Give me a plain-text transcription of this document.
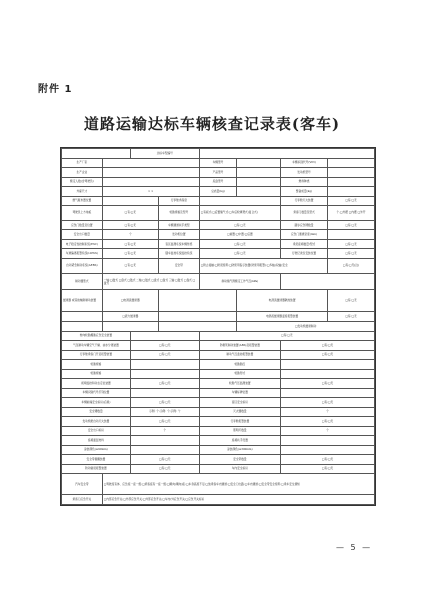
附件 1
道路运输达标车辆核查记录表(客车)
		达标车型编号					
生产厂家				车辆型号		车辆识别代号(VIN)	
生产企业				产品型号		发动机型号	
额定人数(含驾驶员)				底盘型号		燃料种类	
外廓尺寸	× ×			总质量(kg)		整备质量(kg)	
燃气瓶布置位置			行李舱净高度			行李舱灭火装置	□有;□无
驾驶员上方地板	□有;□无		轮胎规格及型号	□有板式;□后置储气式;□车后轮弹簧式(复合式)		乘客门数量及型式	个,□外摆 □内摆 □外开
应急门数量及位置	□有;□无		车辆通道扶手类型	□有;□无		踏步应急锤数量	□有;□无
安全出口数量	个		发动机位置	□前置;□中置;□后置		应急门通道宽度(mm)	
电子稳定性控制系统(ESC)	□有;□无		盲区监测系统车辆传感	□有;□无		乘员座椅数量/型式	□有;□无
车道偏离报警系统(LDWS)	□有;□无		随车监控系统监控系统	□有;□无		行驶记录仪安装位置	□有;□无
自动紧急制动系统(AEBS)	□有;□无		安全带	□防止接触;□防误使用;□防使用指示装置(防使用报警);□多轴(双轴)安全			□有;□无(注)
制动器型式	一轴:□鼓式 □盘式 □鼓式 二轴:□鼓式 □盘式 □盘式 三轴:□鼓式 □盘式 □盘式			制动储气筒额定工作气压(kPa)			
缓速器 或其他辅助制动装置	□电涡流缓速器				电涡流缓速器隔热装置		□有;□无
	□液力缓速器				电涡流缓速器温度报警装置		□有;□无
					□发动机缓速制动		
转向轮胎爆胎应急安全装置				□有;□无			
气压制动车辆空气干燥、油水分离装置		□有;□无		防抱死制动装置(ABS)及报警装置		□有;□无	
行李舱乘客门开启报警装置		□有;□无		制动气压监控报警装置		□有;□无	
轮胎规格				轮胎胎压			
轮胎规格				轮胎形式			
视频监控和动态定位装置		□有;□无		轮胎气压监测装置		□有;□无	
车辆识别代号打刻位置				车辆标牌位置			
车辆前端安全标识(后视)		□有;□无		盲区安全标识		□有;□无	
安全锤数量		示例: 个;示例: 个;示例: 个		灭火器数量		个	
发动机舱自动灭火装置		□有;□无		行李舱报警装置		□有;□无	
安全出口标识		个		照明灯数量		个	
座椅面层材料				座椅扶手设置			
涂装颜色(≥90mm)				涂装颜色(≥300mm)			
安全带提醒装置		□有;□无		安全带数量		□有;□无	
防动错误报警装置		□有;□无		车内安全标识		□有;□无	
汽车安全带	□驾驶座有体、应急座一座一组;□乘客座有一座一组;□顺向(顺向)座;□车身高度不足;□装乘客车内通道;□安全门出路;□车内通道;□安全带安全使用;□乘车安全须知						
乘客门应急开关	□内部应急开关;□外部应急开关;□外部应急开关;□车内/外应急开关;□应急开关标识						
— 5 —
